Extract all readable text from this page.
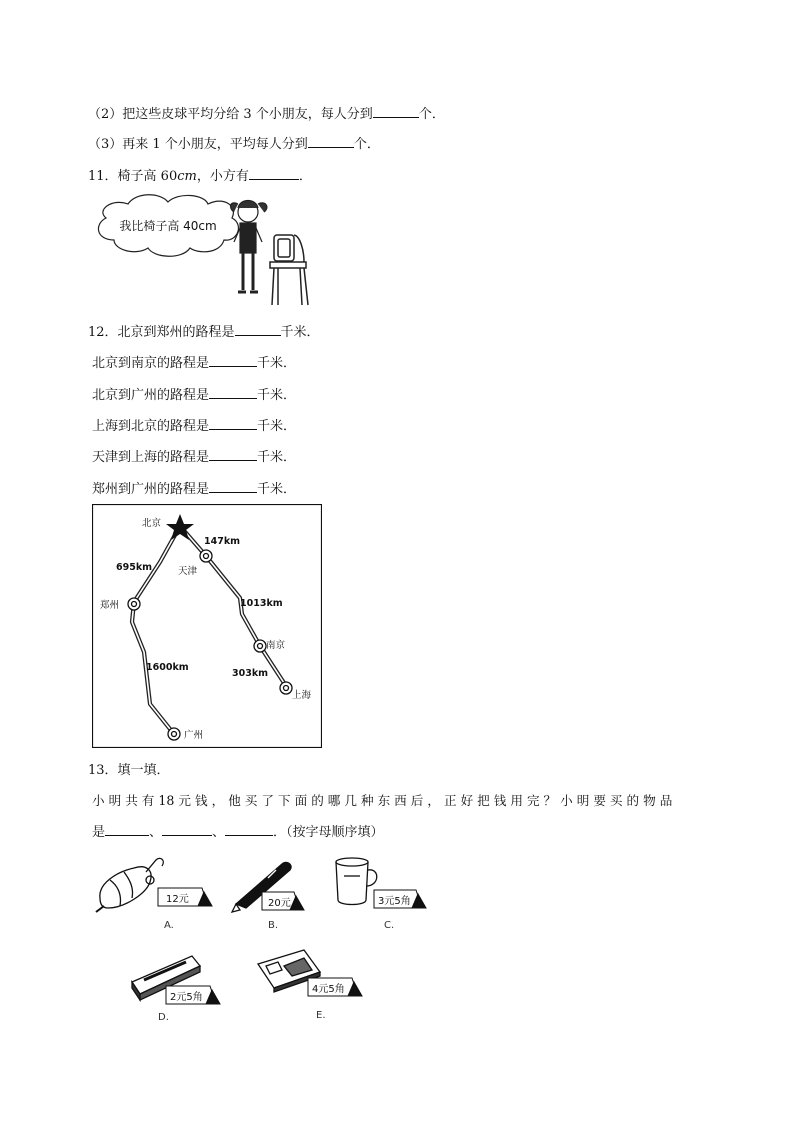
（2）把这些皮球平均分给 3 个小朋友，每人分到	个．
（3）再来 1 个小朋友，平均每人分到	个．
11．椅子高 60cm，小方有	．
我比椅子高 40cm
12．北京到郑州的路程是	千米．
北京到南京的路程是	千米．
北京到广州的路程是	千米．
上海到北京的路程是	千米．
天津到上海的路程是	千米．
郑州到广州的路程是	千米．
北京
天津
郑州
南京
上海
广州
147km
695km
1013km
303km
1600km
13．填一填．
小 明 共 有 18 元 钱 ， 他 买 了 下 面 的 哪 几 种 东 西 后 ， 正 好 把 钱 用 完 ？ 小 明 要 买 的 物 品
是	、	、	．（按字母顺序填）
12元
A.
20元
B.
3元5角
C.
2元5角
D.
4元5角
E.
